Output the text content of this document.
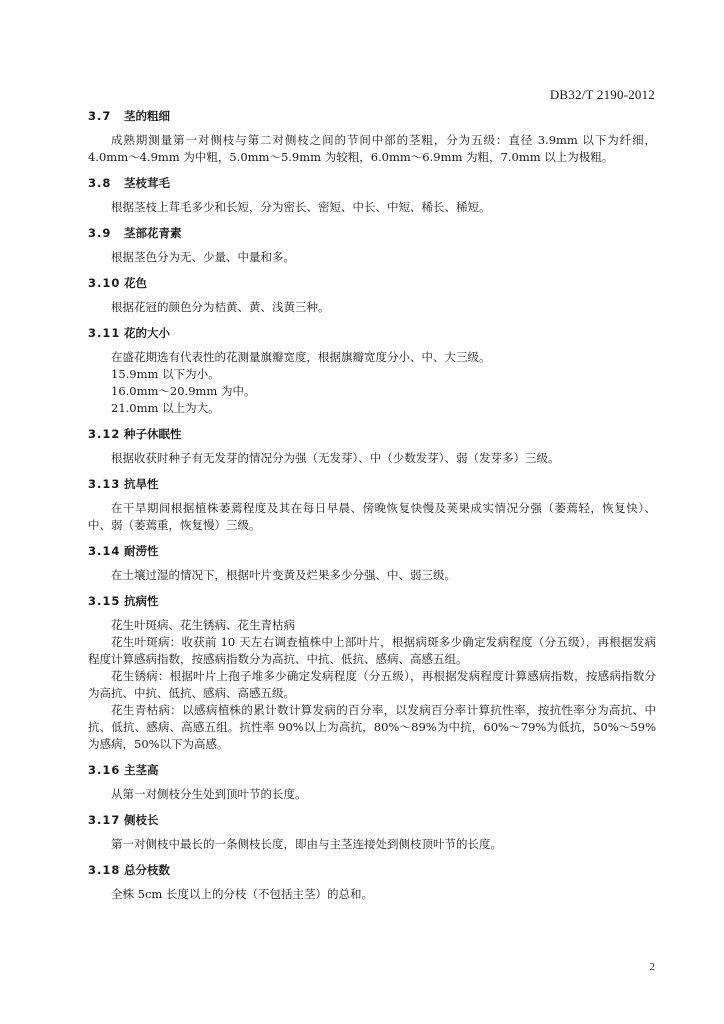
DB32/T 2190-2012
3.7 茎的粗细

成熟期测量第一对侧枝与第二对侧枝之间的节间中部的茎粗，分为五级：直径 3.9mm 以下为纤细，4.0mm～4.9mm 为中粗，5.0mm～5.9mm 为较粗，6.0mm～6.9mm 为粗，7.0mm 以上为极粗。

3.8 茎枝茸毛

根据茎枝上茸毛多少和长短，分为密长、密短、中长、中短、稀长、稀短。

3.9 茎部花青素

根据茎色分为无、少量、中量和多。

3.10 花色

根据花冠的颜色分为桔黄、黄、浅黄三种。

3.11 花的大小

在盛花期选有代表性的花测量旗瓣宽度，根据旗瓣宽度分小、中、大三级。

15.9mm 以下为小。

16.0mm～20.9mm 为中。

21.0mm 以上为大。

3.12 种子休眠性

根据收获时种子有无发芽的情况分为强（无发芽）、中（少数发芽）、弱（发芽多）三级。

3.13 抗旱性

在干旱期间根据植株萎蔫程度及其在每日早晨、傍晚恢复快慢及荚果成实情况分强（萎蔫轻，恢复快）、中、弱（萎蔫重，恢复慢）三级。

3.14 耐涝性

在土壤过湿的情况下，根据叶片变黄及烂果多少分强、中、弱三级。

3.15 抗病性

花生叶斑病、花生锈病、花生青枯病

花生叶斑病：收获前 10 天左右调查植株中上部叶片，根据病斑多少确定发病程度（分五级），再根据发病程度计算感病指数，按感病指数分为高抗、中抗、低抗、感病、高感五组。

花生锈病：根据叶片上孢子堆多少确定发病程度（分五级），再根据发病程度计算感病指数，按感病指数分为高抗、中抗、低抗、感病、高感五级。

花生青枯病：以感病植株的累计数计算发病的百分率，以发病百分率计算抗性率，按抗性率分为高抗、中抗、低抗、感病、高感五组。抗性率 90%以上为高抗，80%～89%为中抗，60%～79%为低抗，50%～59%为感病，50%以下为高感。

3.16 主茎高

从第一对侧枝分生处到顶叶节的长度。

3.17 侧枝长

第一对侧枝中最长的一条侧枝长度，即由与主茎连接处到侧枝顶叶节的长度。

3.18 总分枝数

全株 5cm 长度以上的分枝（不包括主茎）的总和。

2
